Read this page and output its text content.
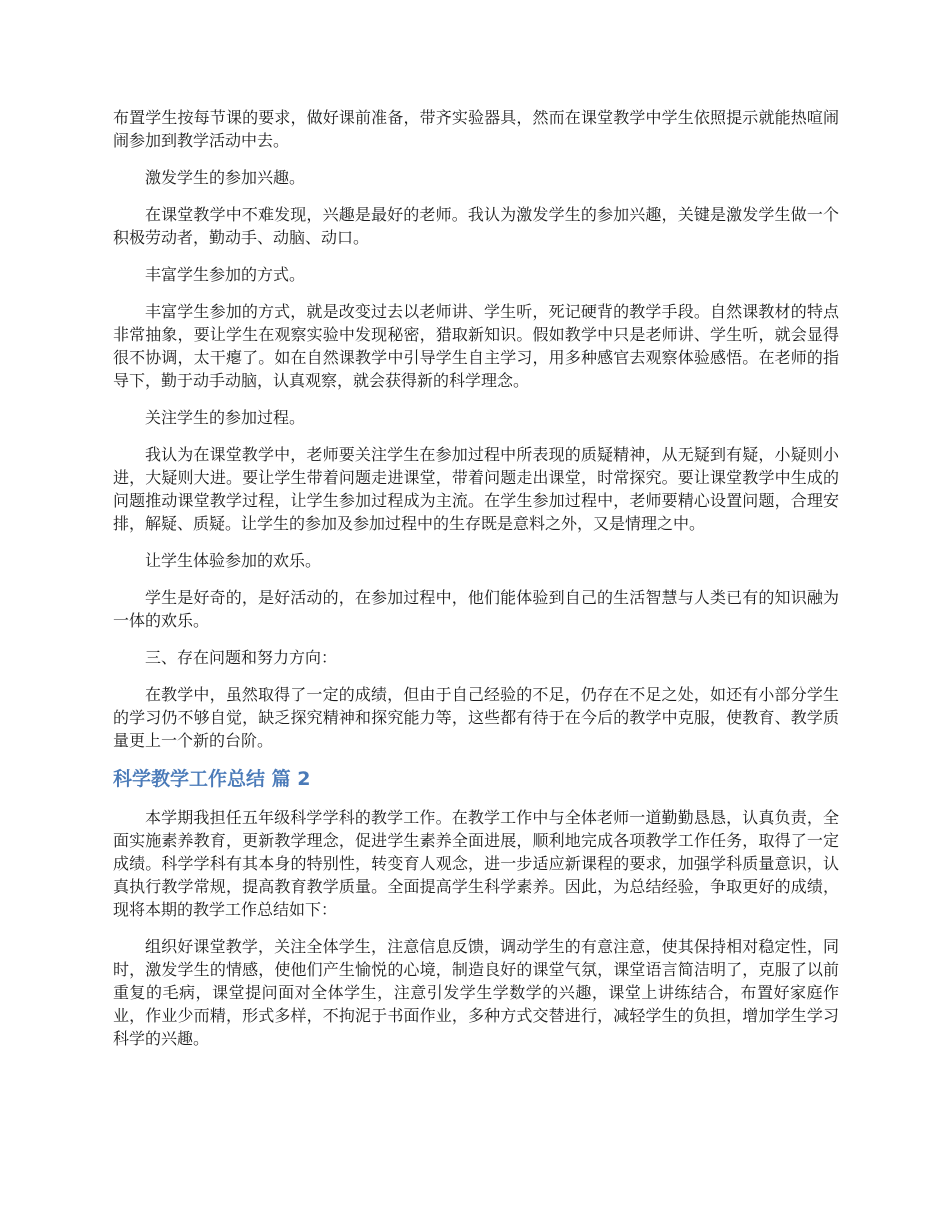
布置学生按每节课的要求，做好课前准备，带齐实验器具，然而在课堂教学中学生依照提示就能热喧闹闹参加到教学活动中去。

激发学生的参加兴趣。

在课堂教学中不难发现，兴趣是最好的老师。我认为激发学生的参加兴趣，关键是激发学生做一个积极劳动者，勤动手、动脑、动口。

丰富学生参加的方式。

丰富学生参加的方式，就是改变过去以老师讲、学生听，死记硬背的教学手段。自然课教材的特点非常抽象，要让学生在观察实验中发现秘密，猎取新知识。假如教学中只是老师讲、学生听，就会显得很不协调，太干瘪了。如在自然课教学中引导学生自主学习，用多种感官去观察体验感悟。在老师的指导下，勤于动手动脑，认真观察，就会获得新的科学理念。

关注学生的参加过程。

我认为在课堂教学中，老师要关注学生在参加过程中所表现的质疑精神，从无疑到有疑，小疑则小进，大疑则大进。要让学生带着问题走进课堂，带着问题走出课堂，时常探究。要让课堂教学中生成的问题推动课堂教学过程，让学生参加过程成为主流。在学生参加过程中，老师要精心设置问题，合理安排，解疑、质疑。让学生的参加及参加过程中的生存既是意料之外，又是情理之中。

让学生体验参加的欢乐。

学生是好奇的，是好活动的，在参加过程中，他们能体验到自己的生活智慧与人类已有的知识融为一体的欢乐。

三、存在问题和努力方向：

在教学中，虽然取得了一定的成绩，但由于自己经验的不足，仍存在不足之处，如还有小部分学生的学习仍不够自觉，缺乏探究精神和探究能力等，这些都有待于在今后的教学中克服，使教育、教学质量更上一个新的台阶。

科学教学工作总结 篇 2

本学期我担任五年级科学学科的教学工作。在教学工作中与全体老师一道勤勤恳恳，认真负责，全面实施素养教育，更新教学理念，促进学生素养全面进展，顺利地完成各项教学工作任务，取得了一定成绩。科学学科有其本身的特别性，转变育人观念，进一步适应新课程的要求，加强学科质量意识，认真执行教学常规，提高教育教学质量。全面提高学生科学素养。因此，为总结经验，争取更好的成绩，现将本期的教学工作总结如下：

组织好课堂教学，关注全体学生，注意信息反馈，调动学生的有意注意，使其保持相对稳定性，同时，激发学生的情感，使他们产生愉悦的心境，制造良好的课堂气氛，课堂语言简洁明了，克服了以前重复的毛病，课堂提问面对全体学生，注意引发学生学数学的兴趣，课堂上讲练结合，布置好家庭作业，作业少而精，形式多样，不拘泥于书面作业，多种方式交替进行，减轻学生的负担，增加学生学习科学的兴趣。
